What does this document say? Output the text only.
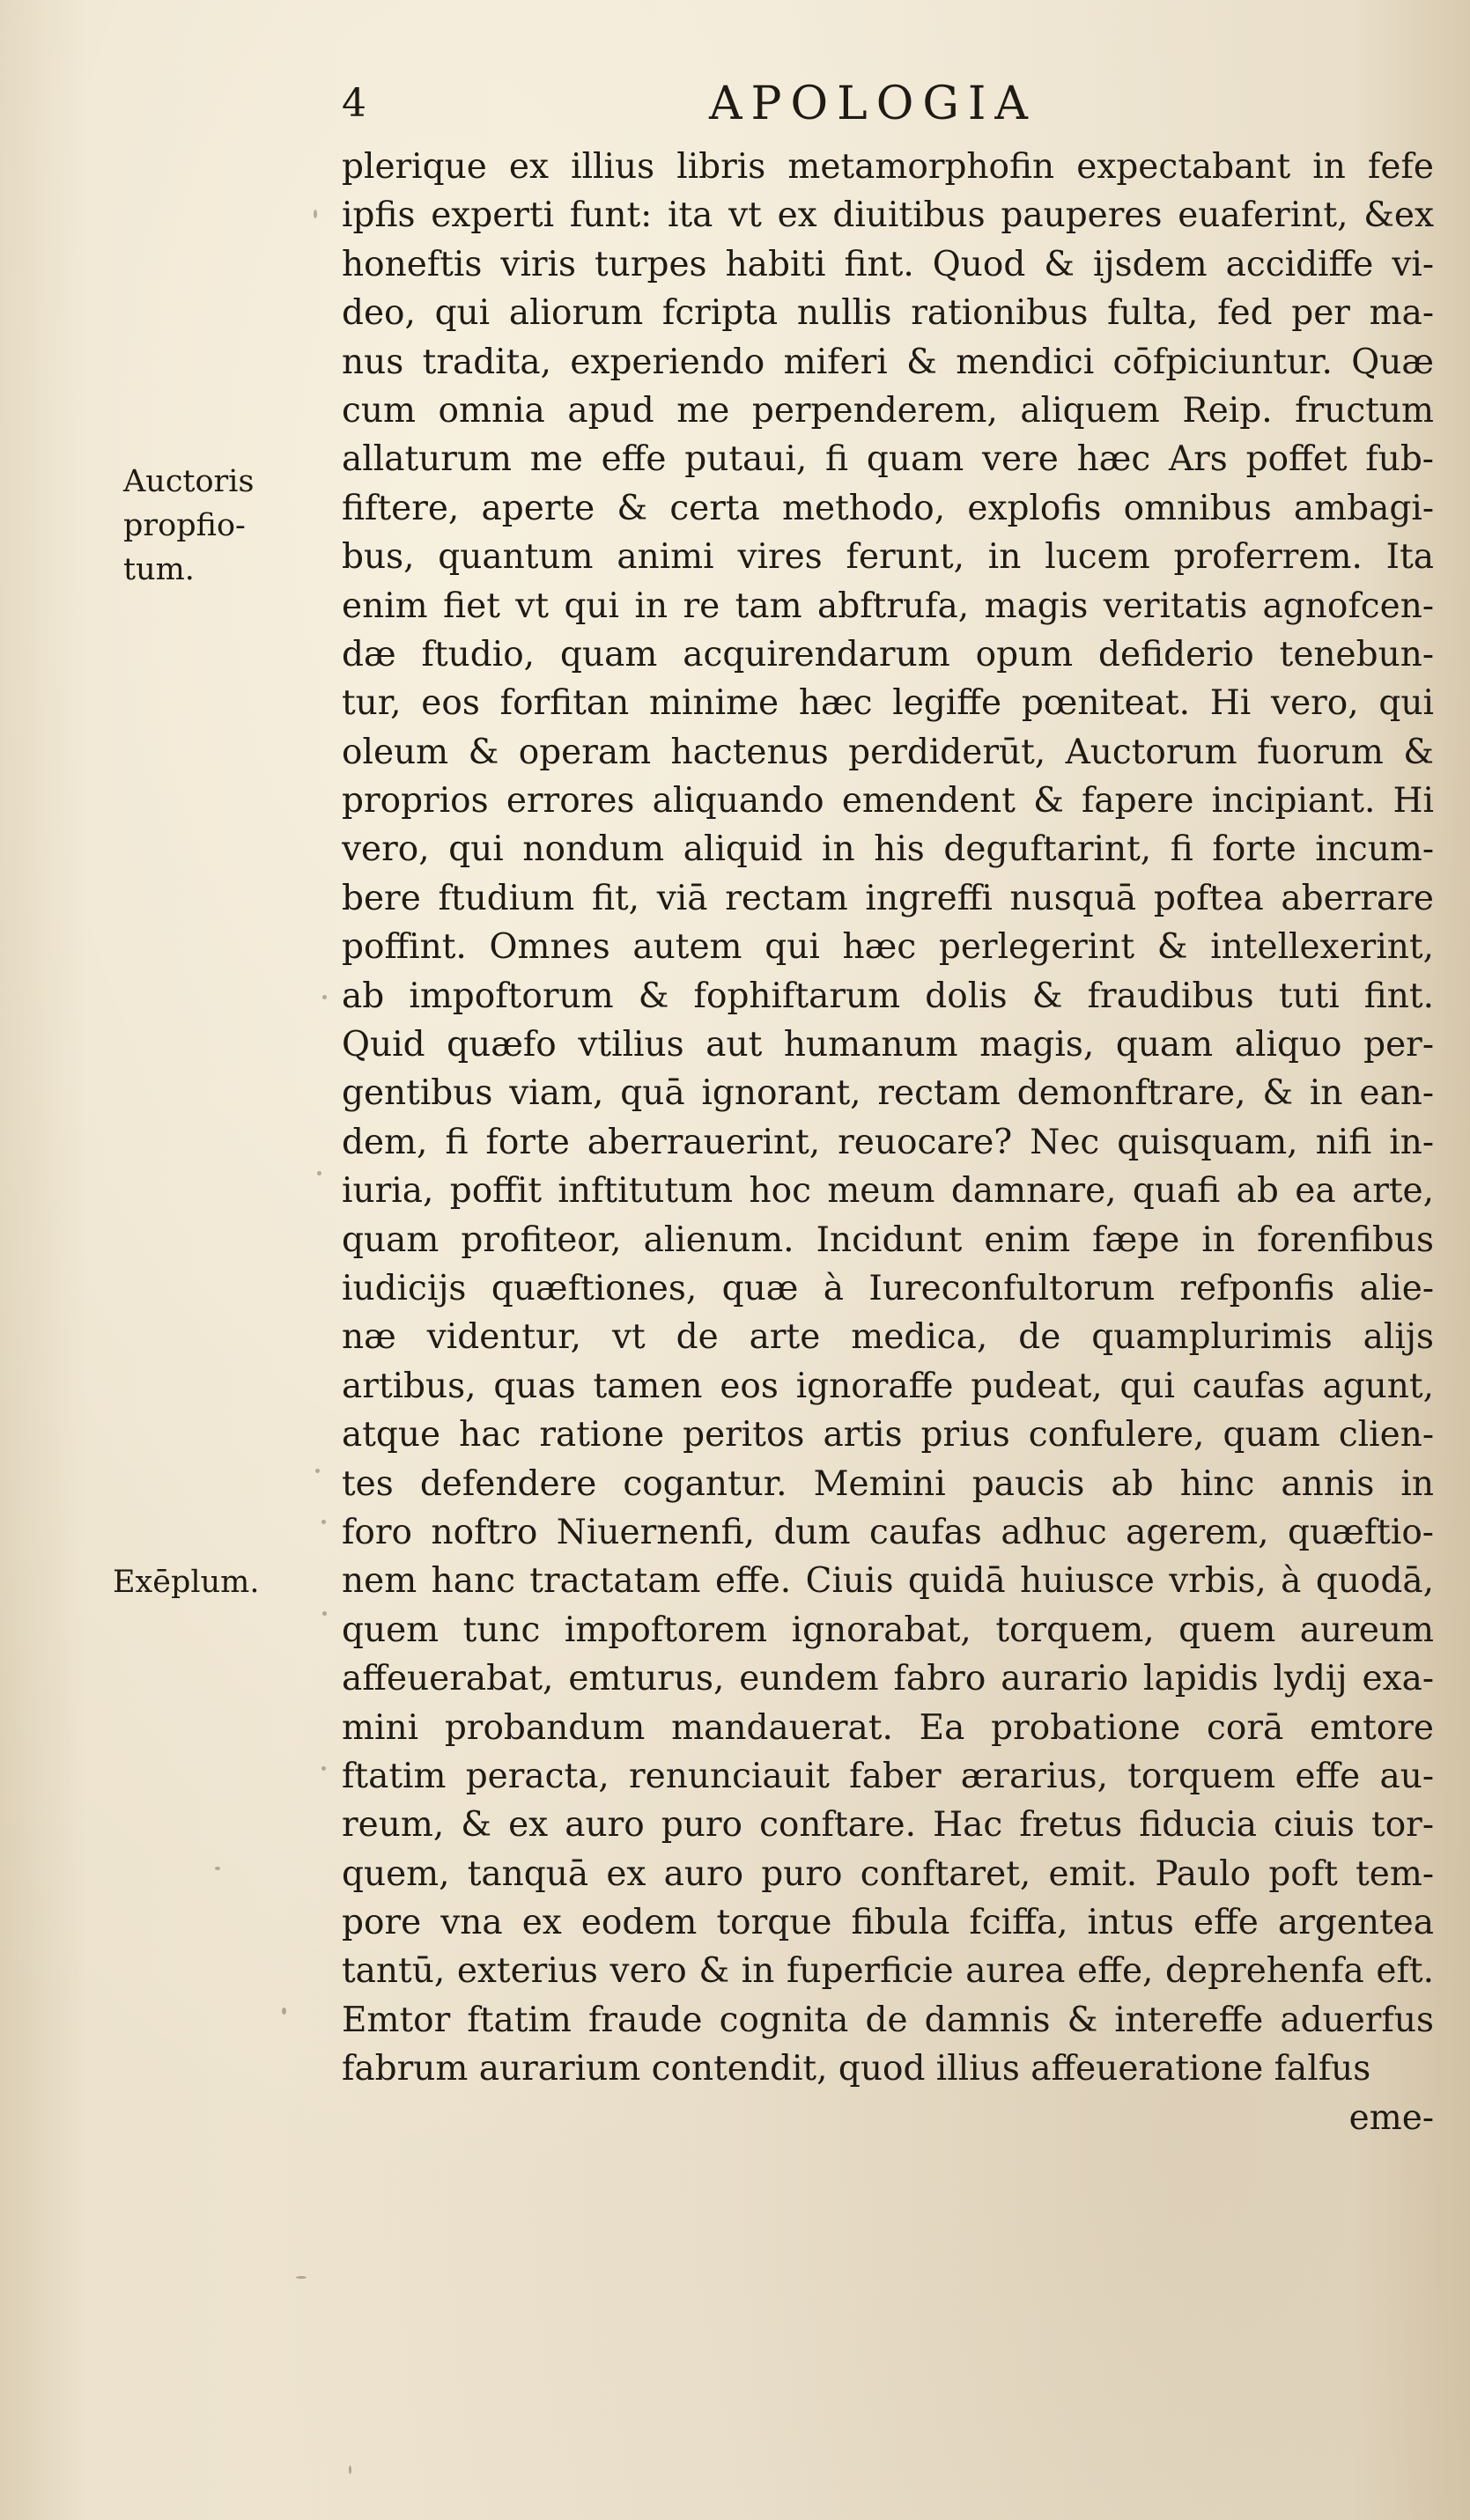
4	APOLOGIA
Auctoris
propfio-
tum.
Exēplum.
plerique ex illius libris metamorphofin expectabant in fefe
ipfis experti funt: ita vt ex diuitibus pauperes euaferint, &ex
honeftis viris turpes habiti fint. Quod & ijsdem accidiffe vi-
deo, qui aliorum fcripta nullis rationibus fulta, fed per ma-
nus tradita, experiendo miferi & mendici cōfpiciuntur. Quæ
cum omnia apud me perpenderem, aliquem Reip. fructum
allaturum me effe putaui, fi quam vere hæc Ars poffet fub-
fiftere, aperte & certa methodo, explofis omnibus ambagi-
bus, quantum animi vires ferunt, in lucem proferrem. Ita
enim fiet vt qui in re tam abftrufa, magis veritatis agnofcen-
dæ ftudio, quam acquirendarum opum defiderio tenebun-
tur, eos forfitan minime hæc legiffe pœniteat. Hi vero, qui
oleum & operam hactenus perdiderūt, Auctorum fuorum &
proprios errores aliquando emendent & fapere incipiant. Hi
vero, qui nondum aliquid in his deguftarint, fi forte incum-
bere ftudium fit, viā rectam ingreffi nusquā poftea aberrare
poffint. Omnes autem qui hæc perlegerint & intellexerint,
ab impoftorum & fophiftarum dolis & fraudibus tuti fint.
Quid quæfo vtilius aut humanum magis, quam aliquo per-
gentibus viam, quā ignorant, rectam demonftrare, & in ean-
dem, fi forte aberrauerint, reuocare? Nec quisquam, nifi in-
iuria, poffit inftitutum hoc meum damnare, quafi ab ea arte,
quam profiteor, alienum. Incidunt enim fæpe in forenfibus
iudicijs quæftiones, quæ à Iureconfultorum refponfis alie-
næ videntur, vt de arte medica, de quamplurimis alijs
artibus, quas tamen eos ignoraffe pudeat, qui caufas agunt,
atque hac ratione peritos artis prius confulere, quam clien-
tes defendere cogantur. Memini paucis ab hinc annis in
foro noftro Niuernenfi, dum caufas adhuc agerem, quæftio-
nem hanc tractatam effe. Ciuis quidā huiusce vrbis, à quodā,
quem tunc impoftorem ignorabat, torquem, quem aureum
affeuerabat, emturus, eundem fabro aurario lapidis lydij exa-
mini probandum mandauerat. Ea probatione corā emtore
ftatim peracta, renunciauit faber ærarius, torquem effe au-
reum, & ex auro puro conftare. Hac fretus fiducia ciuis tor-
quem, tanquā ex auro puro conftaret, emit. Paulo poft tem-
pore vna ex eodem torque fibula fciffa, intus effe argentea
tantū, exterius vero & in fuperficie aurea effe, deprehenfa eft.
Emtor ftatim fraude cognita de damnis & intereffe aduerfus
fabrum aurarium contendit, quod illius affeueratione falfus
eme-
